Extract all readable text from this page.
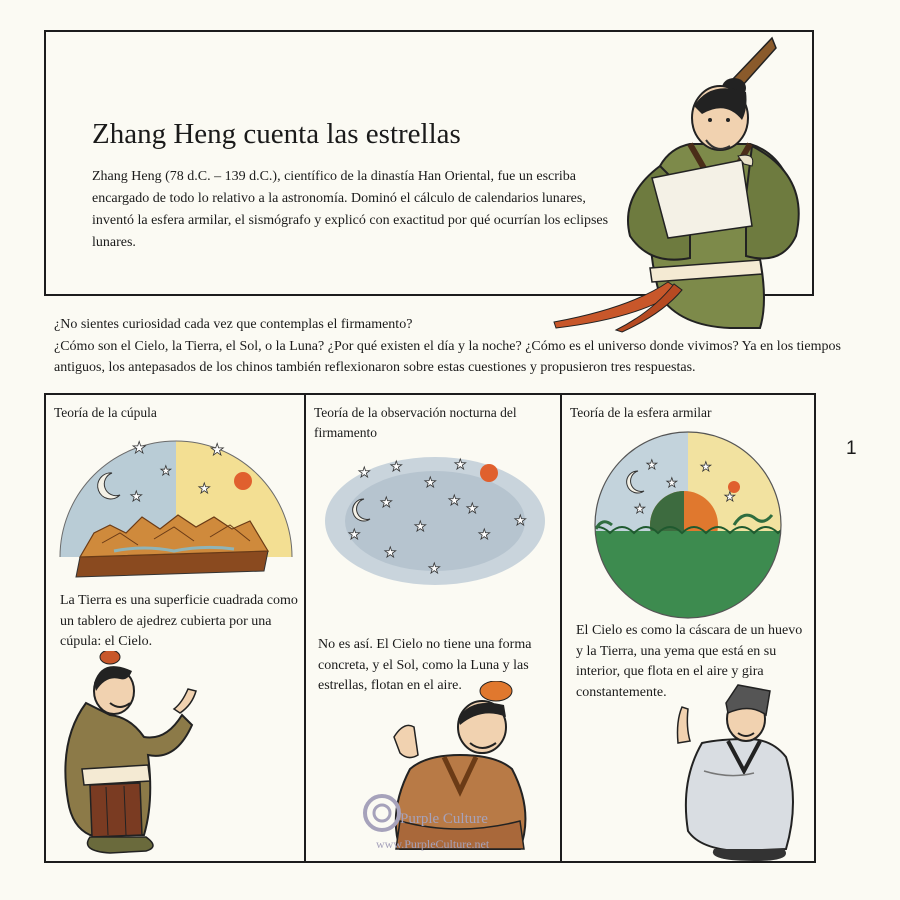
Zhang Heng cuenta las estrellas

Zhang Heng (78 d.C. – 139 d.C.), científico de la dinastía Han Oriental, fue un escriba encargado de todo lo relativo a la astronomía. Dominó el cálculo de calendarios lunares, inventó la esfera armilar, el sismógrafo y explicó con exactitud por qué ocurrían los eclipses lunares.

¿No sientes curiosidad cada vez que contemplas el firmamento?

¿Cómo son el Cielo, la Tierra, el Sol, o la Luna? ¿Por qué existen el día y la noche? ¿Cómo es el universo donde vivimos? Ya en los tiempos antiguos, los antepasados de los chinos también reflexionaron sobre estas cuestiones y propusieron tres respuestas.

Teoría de la cúpula

★
★
★
★
★

La Tierra es una superficie cuadrada como un tablero de ajedrez cubierta por una cúpula: el Cielo.

Teoría de la observación nocturna del firmamento

★ ★
★
★
★
★
★
★
★
★
★
★
★

No es así. El Cielo no tiene una forma concreta, y el Sol, como la Luna y las estrellas, flotan en el aire.

Purple Culture
www.PurpleCulture.net

Teoría de la esfera armilar

★
★
★
★
★

El Cielo es como la cáscara de un huevo y la Tierra, una yema que está en su interior, que flota en el aire y gira constantemente.

1
